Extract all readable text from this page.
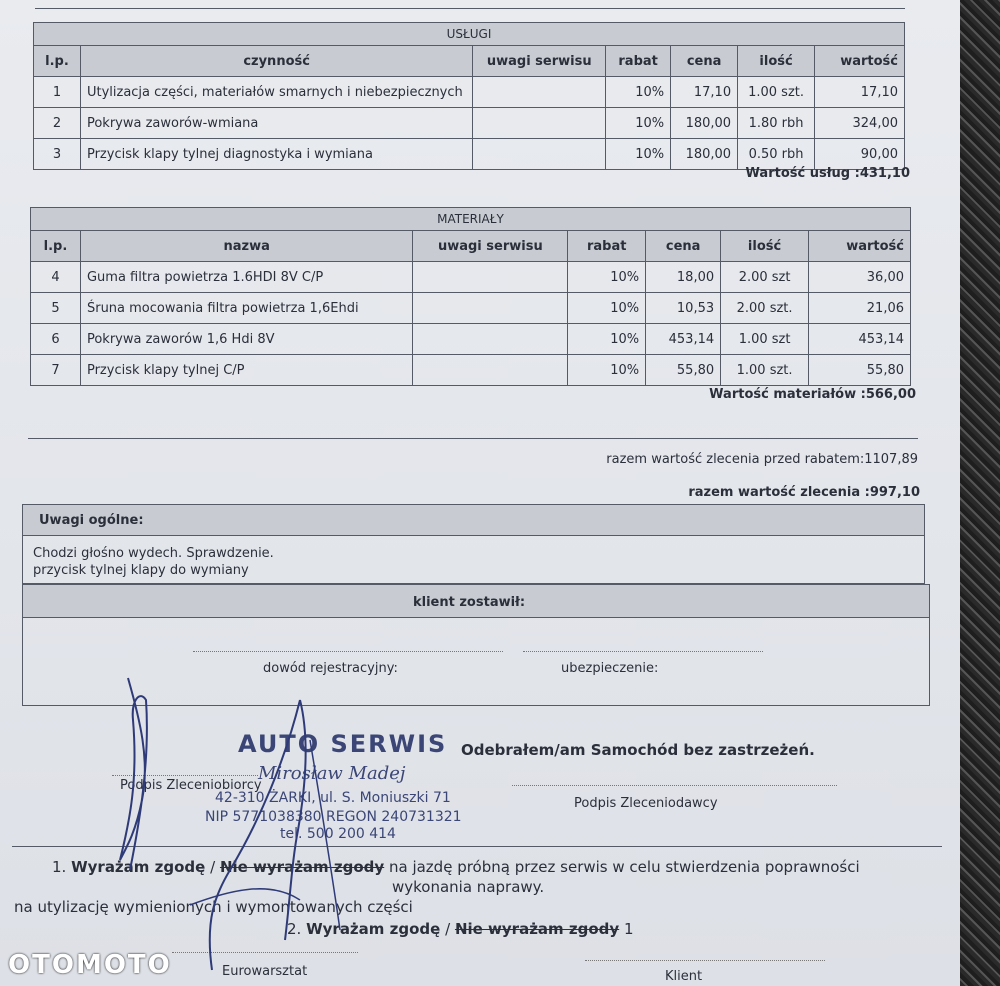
USŁUGI						
l.p.	czynność	uwagi serwisu	rabat	cena	ilość	wartość
1	Utylizacja części, materiałów smarnych i niebezpiecznych		10%	17,10	1.00 szt.	17,10
2	Pokrywa zaworów-wmiana		10%	180,00	1.80 rbh	324,00
3	Przycisk klapy tylnej diagnostyka i wymiana		10%	180,00	0.50 rbh	90,00
Wartość usług :431,10
MATERIAŁY						
l.p.	nazwa	uwagi serwisu	rabat	cena	ilość	wartość
4	Guma filtra powietrza 1.6HDI 8V C/P		10%	18,00	2.00 szt	36,00
5	Śruna mocowania filtra powietrza 1,6Ehdi		10%	10,53	2.00 szt.	21,06
6	Pokrywa zaworów 1,6 Hdi 8V		10%	453,14	1.00 szt	453,14
7	Przycisk klapy tylnej C/P		10%	55,80	1.00 szt.	55,80
Wartość materiałów :566,00
razem wartość zlecenia przed rabatem:1107,89
razem wartość zlecenia :997,10
Uwagi ogólne:
Chodzi głośno wydech. Sprawdzenie.
przycisk tylnej klapy do wymiany
klient zostawił:
dowód rejestracyjny:	ubezpieczenie:
AUTO SERWIS
Mirosław Madej
42-310 ŻARKI, ul. S. Moniuszki 71
NIP 5771038380 REGON 240731321
tel. 500 200 414
Odebrałem/am Samochód bez zastrzeżeń.
Podpis Zleceniobiorcy
Podpis Zleceniodawcy
1. Wyrażam zgodę / Nie wyrażam zgody na jazdę próbną przez serwis w celu stwierdzenia poprawności
wykonania naprawy.
na utylizację wymienionych i wymontowanych części
2. Wyrażam zgodę / Nie wyrażam zgody 1
Eurowarsztat	Klient
OTOMOTO
